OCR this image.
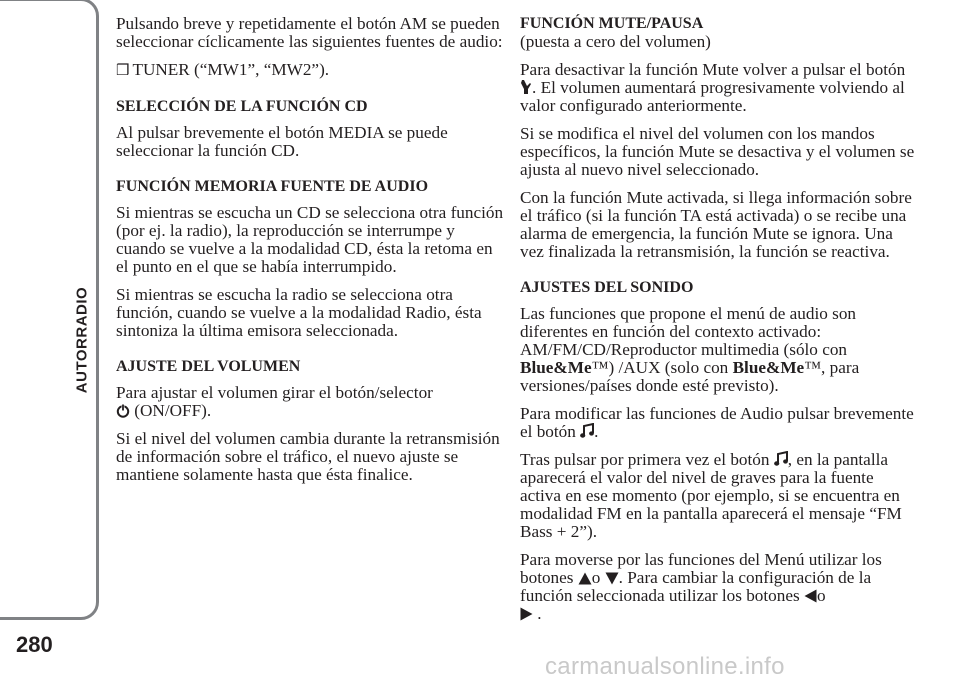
AUTORRADIO
280

Pulsando breve y repetidamente el botón AM se pueden seleccionar cíclicamente las siguientes fuentes de audio:

❒ TUNER (“MW1”, “MW2”).

SELECCIÓN DE LA FUNCIÓN CD

Al pulsar brevemente el botón MEDIA se puede seleccionar la función CD.

FUNCIÓN MEMORIA FUENTE DE AUDIO

Si mientras se escucha un CD se selecciona otra función (por ej. la radio), la reproducción se interrumpe y cuando se vuelve a la modalidad CD, ésta la retoma en el punto en el que se había interrumpido.

Si mientras se escucha la radio se selecciona otra función, cuando se vuelve a la modalidad Radio, ésta sintoniza la última emisora seleccionada.

AJUSTE DEL VOLUMEN

Para ajustar el volumen girar el botón/selector

(ON/OFF).

Si el nivel del volumen cambia durante la retransmisión de información sobre el tráfico, el nuevo ajuste se mantiene solamente hasta que ésta finalice.

FUNCIÓN MUTE/PAUSA

(puesta a cero del volumen)

Para desactivar la función Mute volver a pulsar el botón
. El volumen aumentará progresivamente volviendo al valor configurado anteriormente.

Si se modifica el nivel del volumen con los mandos específicos, la función Mute se desactiva y el volumen se ajusta al nuevo nivel seleccionado.

Con la función Mute activada, si llega información sobre el tráfico (si la función TA está activada) o se recibe una alarma de emergencia, la función Mute se ignora. Una vez finalizada la retransmisión, la función se reactiva.

AJUSTES DEL SONIDO

Las funciones que propone el menú de audio son diferentes en función del contexto activado: AM/FM/CD/Reproductor multimedia (sólo con
Blue&Me™) /AUX (solo con Blue&Me™, para versiones/países donde esté previsto).

Para modificar las funciones de Audio pulsar brevemente el botón .

Tras pulsar por primera vez el botón , en la pantalla aparecerá el valor del nivel de graves para la fuente activa en ese momento (por ejemplo, si se encuentra en modalidad FM en la pantalla aparecerá el mensaje “FM Bass + 2”).

Para moverse por las funciones del Menú utilizar los botones o . Para cambiar la configuración de la función seleccionada utilizar los botones o

.

carmanualsonline.info
